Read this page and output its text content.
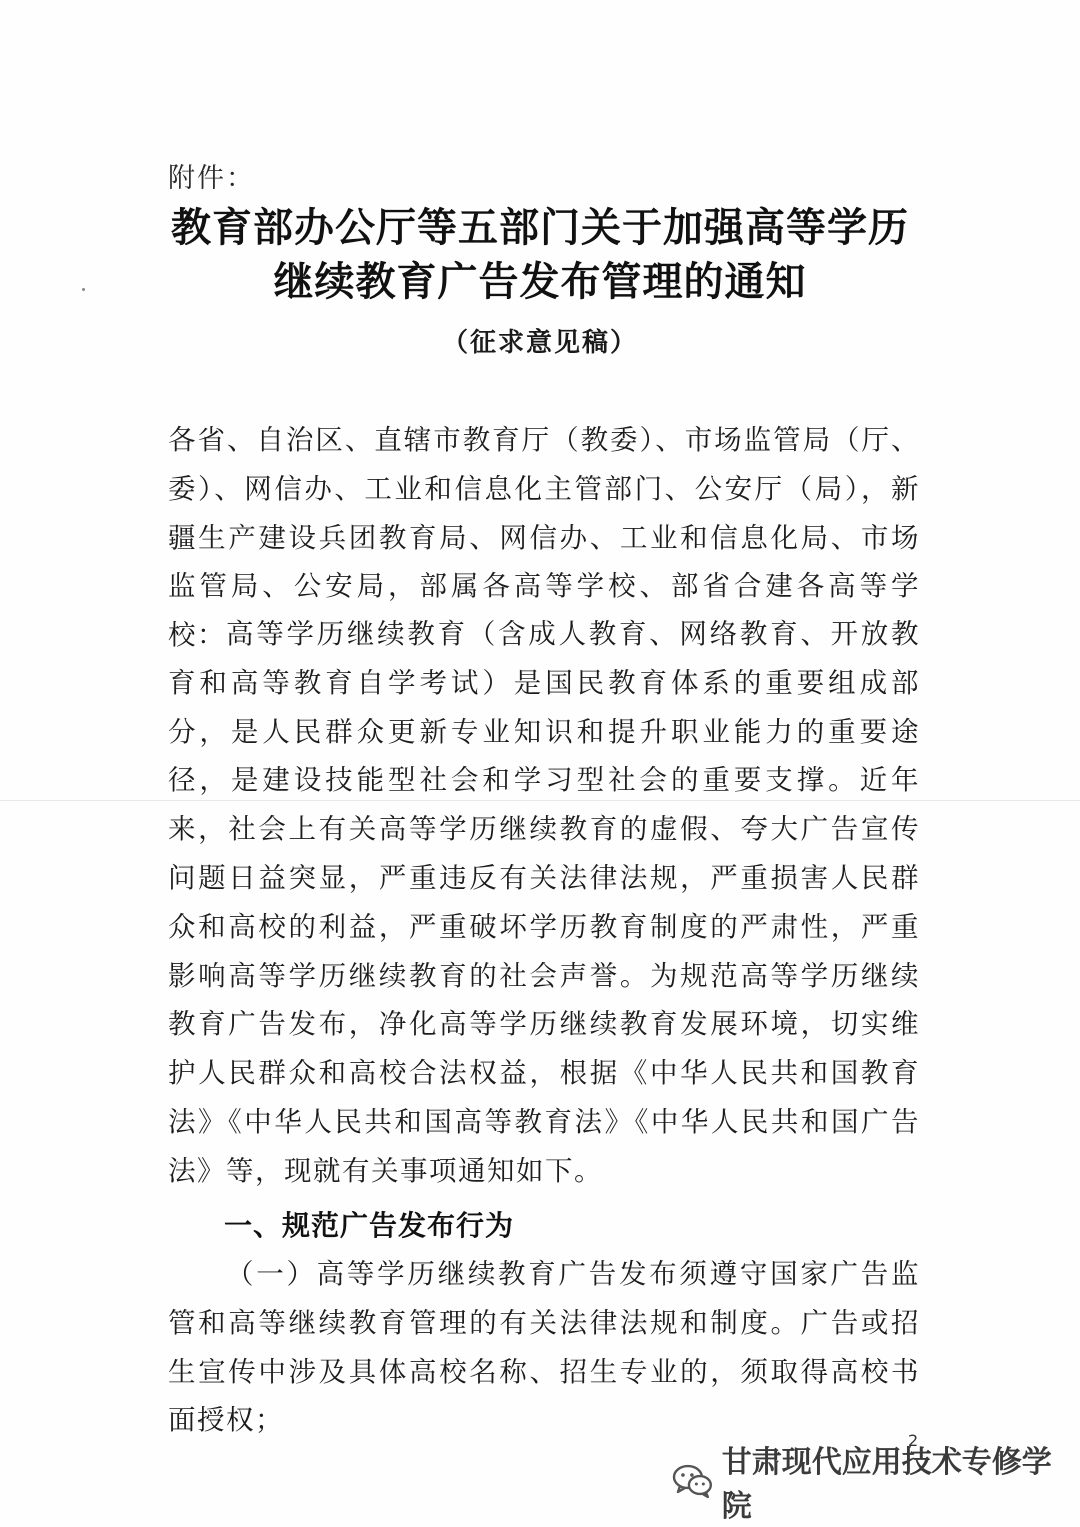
附件：
教育部办公厅等五部门关于加强高等学历
继续教育广告发布管理的通知
（征求意见稿）
各省、自治区、直辖市教育厅（教委）、市场监管局（厅、委）、网信办、工业和信息化主管部门、公安厅（局），新疆生产建设兵团教育局、网信办、工业和信息化局、市场监管局、公安局，部属各高等学校、部省合建各高等学校： 高等学历继续教育（含成人教育、网络教育、开放教育和高等教育自学考试）是国民教育体系的重要组成部分，是人民群众更新专业知识和提升职业能力的重要途径，是建设技能型社会和学习型社会的重要支撑。近年来，社会上有关高等学历继续教育的虚假、夸大广告宣传问题日益突显，严重违反有关法律法规，严重损害人民群众和高校的利益，严重破坏学历教育制度的严肃性，严重影响高等学历继续教育的社会声誉。为规范高等学历继续教育广告发布，净化高等学历继续教育发展环境，切实维护人民群众和高校合法权益，根据《中华人民共和国教育法》《中华人民共和国高等教育法》《中华人民共和国广告法》等，现就有关事项通知如下。
一、规范广告发布行为
（一）高等学历继续教育广告发布须遵守国家广告监管和高等继续教育管理的有关法律法规和制度。广告或招生宣传中涉及具体高校名称、招生专业的，须取得高校书面授权；
2
甘肃现代应用技术专修学院
